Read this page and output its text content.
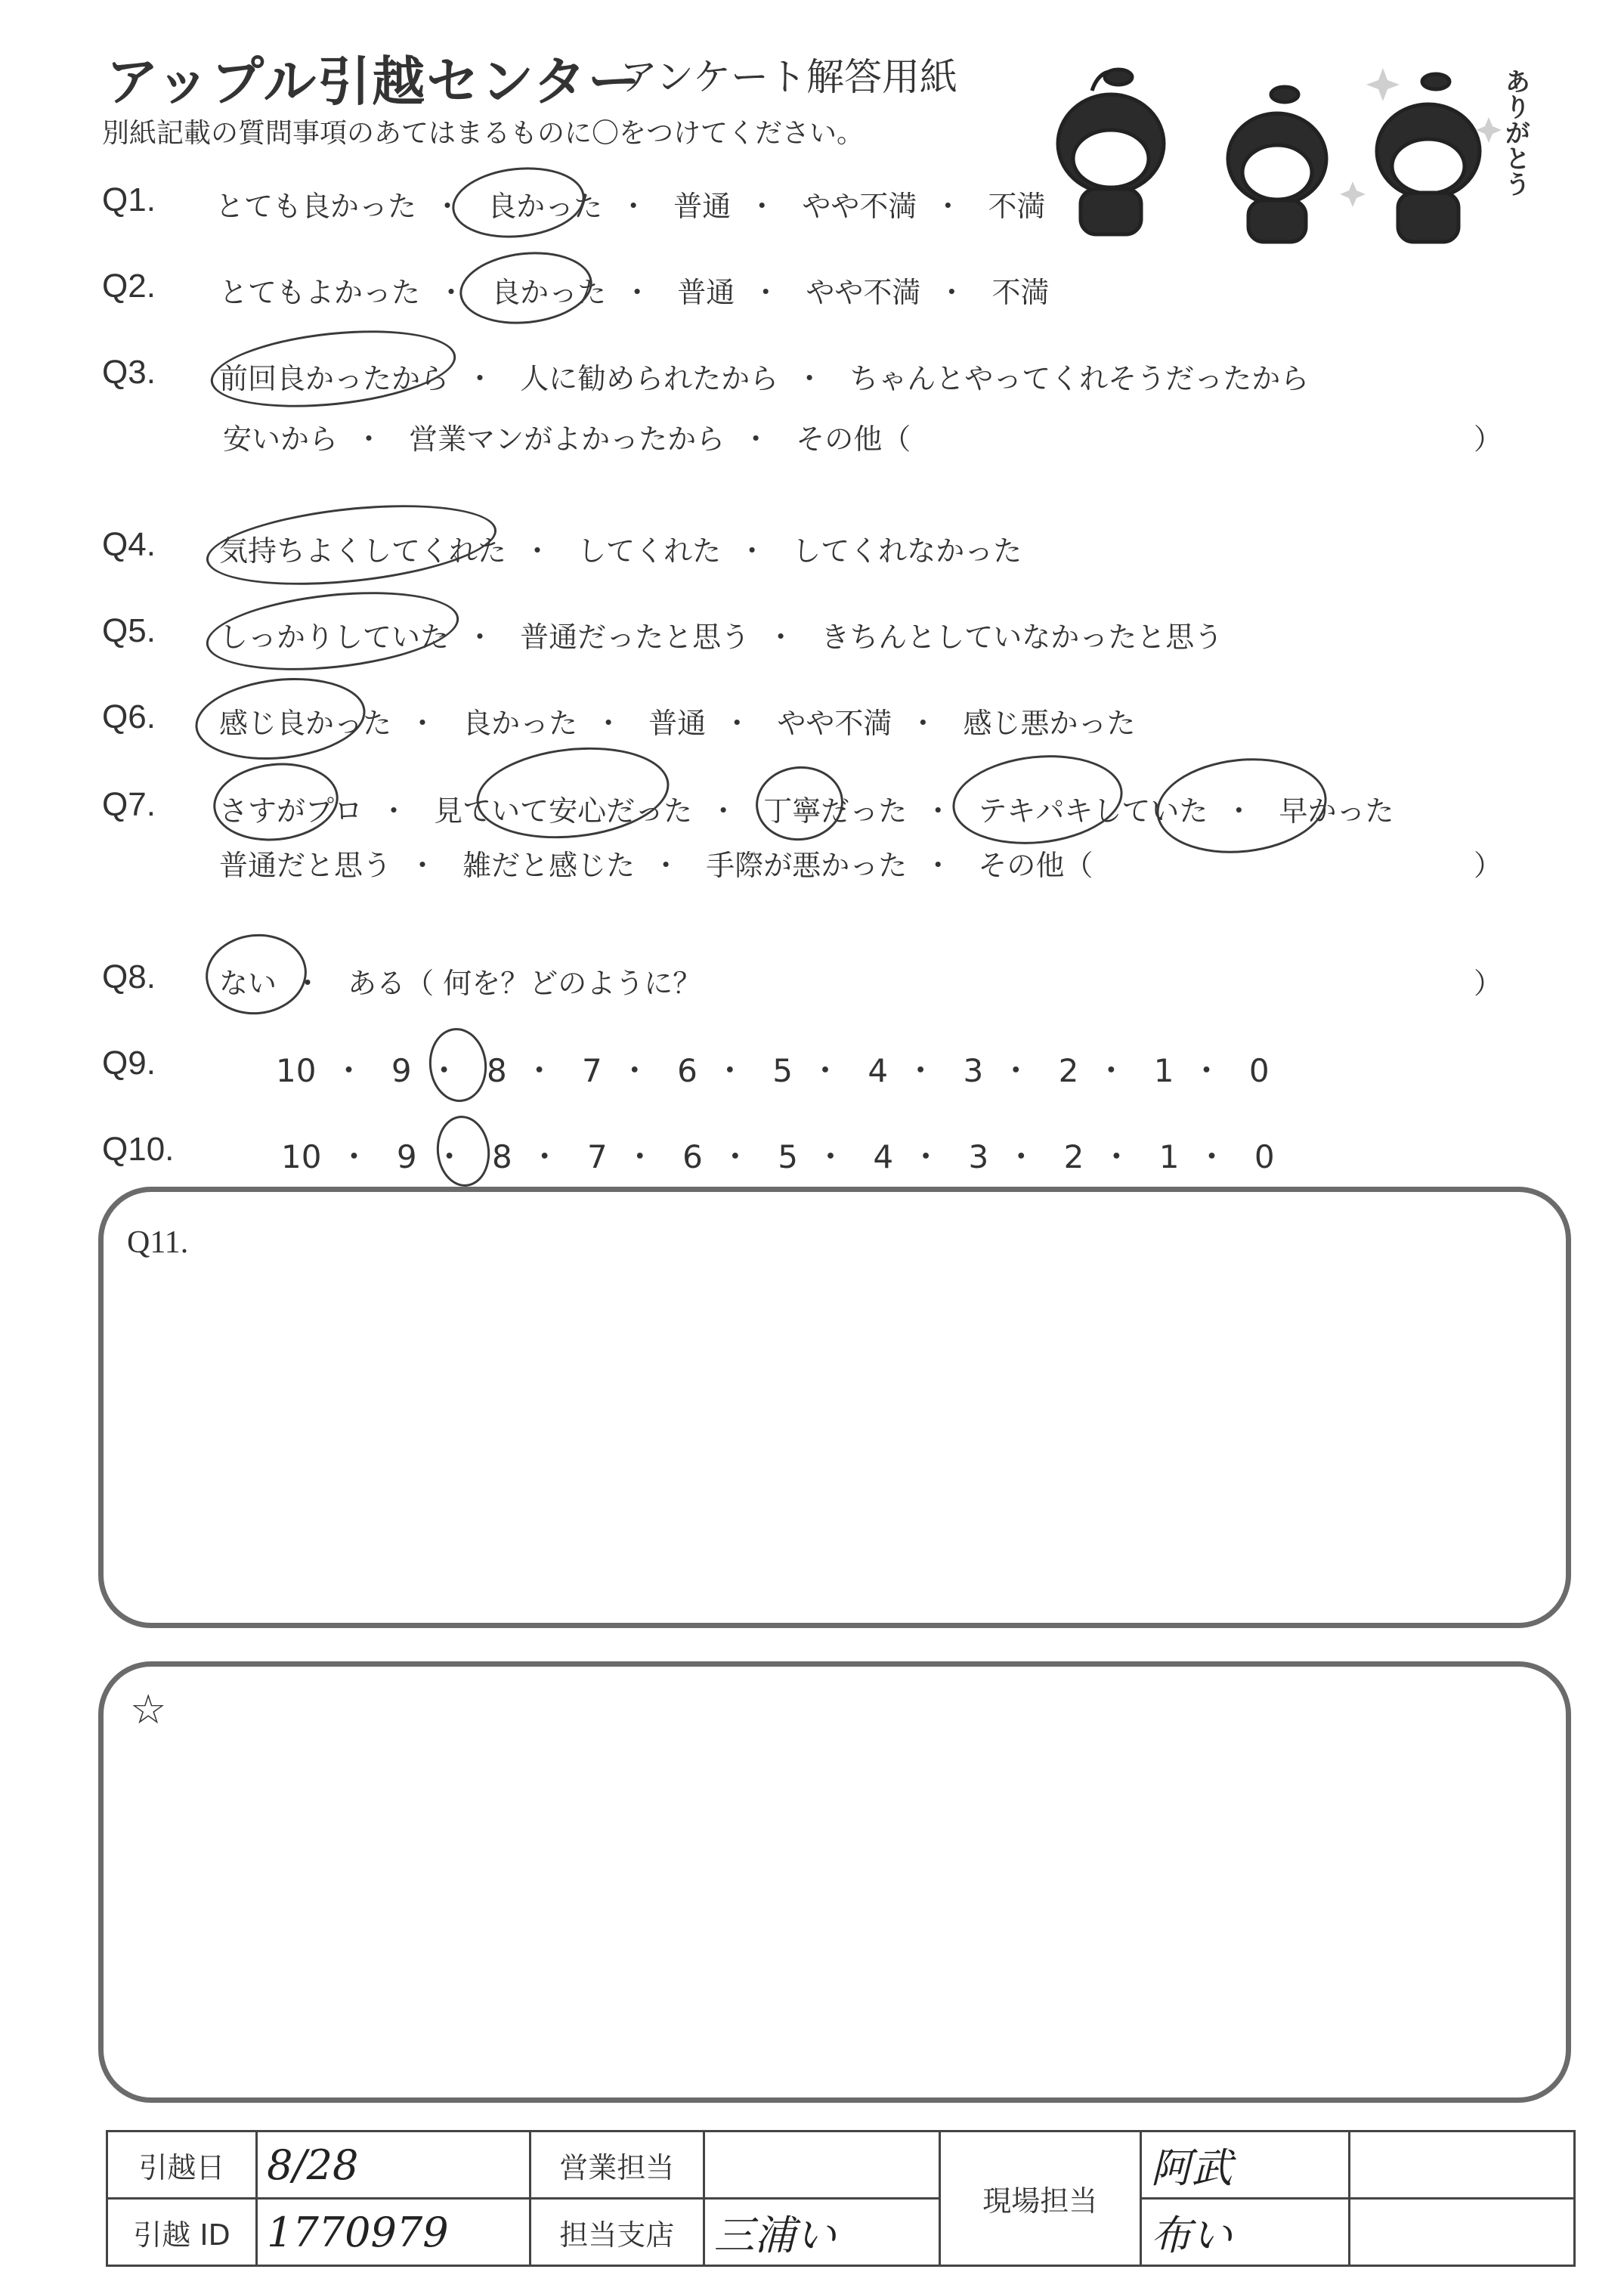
アップル引越センター
アンケート解答用紙
別紙記載の質問事項のあてはまるものに〇をつけてください。	ありがとう
Q1. とても良かった ・ 良かった ・ 普通 ・ やや不満 ・ 不満
Q2. とてもよかった ・ 良かった ・ 普通 ・ やや不満 ・ 不満
Q3. 前回良かったから ・ 人に勧められたから ・ ちゃんとやってくれそうだったから
安いから ・ 営業マンがよかったから ・ その他（	）
Q4. 気持ちよくしてくれた ・ してくれた ・ してくれなかった
Q5. しっかりしていた ・ 普通だったと思う ・ きちんとしていなかったと思う
Q6. 感じ良かった ・ 良かった ・ 普通 ・ やや不満 ・ 感じ悪かった
Q7. さすがプロ ・ 見ていて安心だった ・ 丁寧だった ・ テキパキしていた ・ 早かった
普通だと思う ・ 雑だと感じた ・ 手際が悪かった ・ その他（	）
Q8. ない ・ ある（ 何を？どのように？	）
Q9.	10 ・ 9 ・ 8 ・ 7 ・ 6 ・ 5 ・ 4 ・ 3 ・ 2 ・ 1 ・ 0
Q10.	10 ・ 9 ・ 8 ・ 7 ・ 6 ・ 5 ・ 4 ・ 3 ・ 2 ・ 1 ・ 0
Q11.
☆
引越日	8/28	営業担当		現場担当	阿武	
引越 ID	1770979	担当支店	三浦い		布い	
